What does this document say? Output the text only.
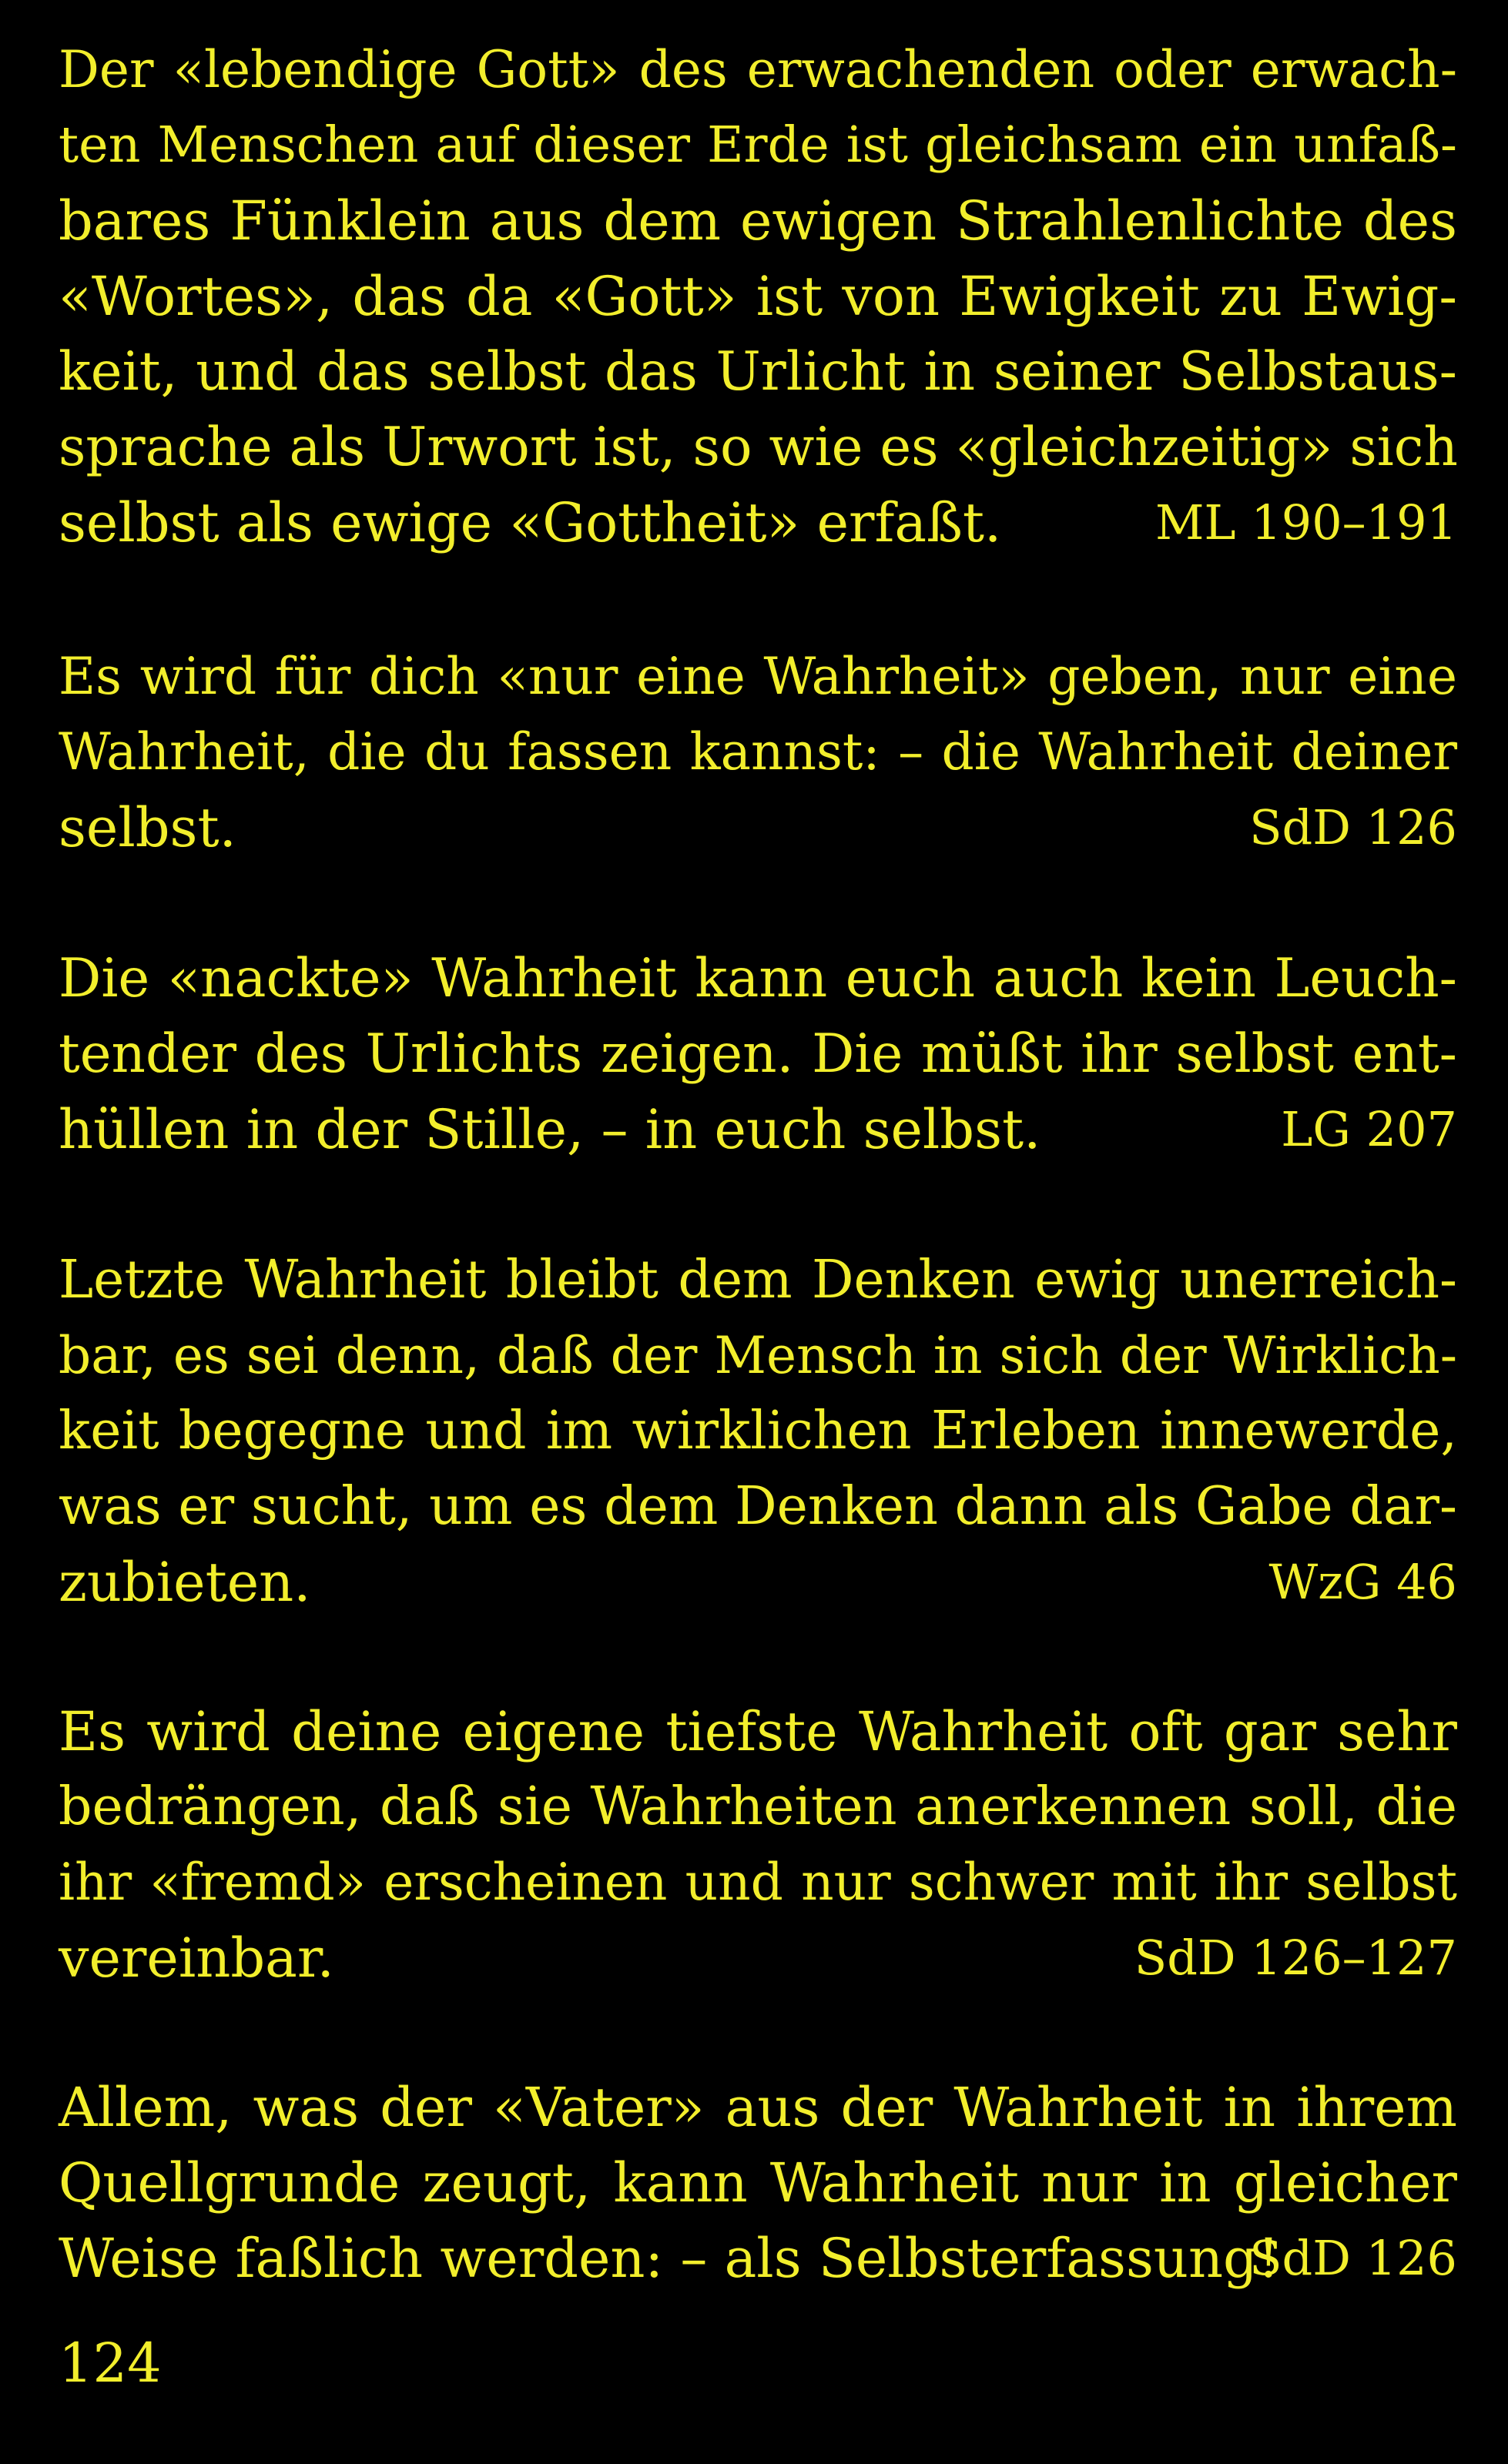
Der «lebendige Gott» des erwachenden oder erwach-
ten Menschen auf dieser Erde ist gleichsam ein unfaß-
bares Fünklein aus dem ewigen Strahlenlichte des
«Wortes», das da «Gott» ist von Ewigkeit zu Ewig-
keit, und das selbst das Urlicht in seiner Selbstaus-
sprache als Urwort ist, so wie es «gleichzeitig» sich
selbst als ewige «Gottheit» erfaßt.	ML 190–191
Es wird für dich «nur eine Wahrheit» geben, nur eine
Wahrheit, die du fassen kannst: – die Wahrheit deiner
selbst.	SdD 126
Die «nackte» Wahrheit kann euch auch kein Leuch-
tender des Urlichts zeigen. Die müßt ihr selbst ent-
hüllen in der Stille, – in euch selbst.	LG 207
Letzte Wahrheit bleibt dem Denken ewig unerreich-
bar, es sei denn, daß der Mensch in sich der Wirklich-
keit begegne und im wirklichen Erleben innewerde,
was er sucht, um es dem Denken dann als Gabe dar-
zubieten.	WzG 46
Es wird deine eigene tiefste Wahrheit oft gar sehr
bedrängen, daß sie Wahrheiten anerkennen soll, die
ihr «fremd» erscheinen und nur schwer mit ihr selbst
vereinbar.	SdD 126–127
Allem, was der «Vater» aus der Wahrheit in ihrem
Quellgrunde zeugt, kann Wahrheit nur in gleicher
Weise faßlich werden: – als Selbsterfassung!
SdD 126
124
